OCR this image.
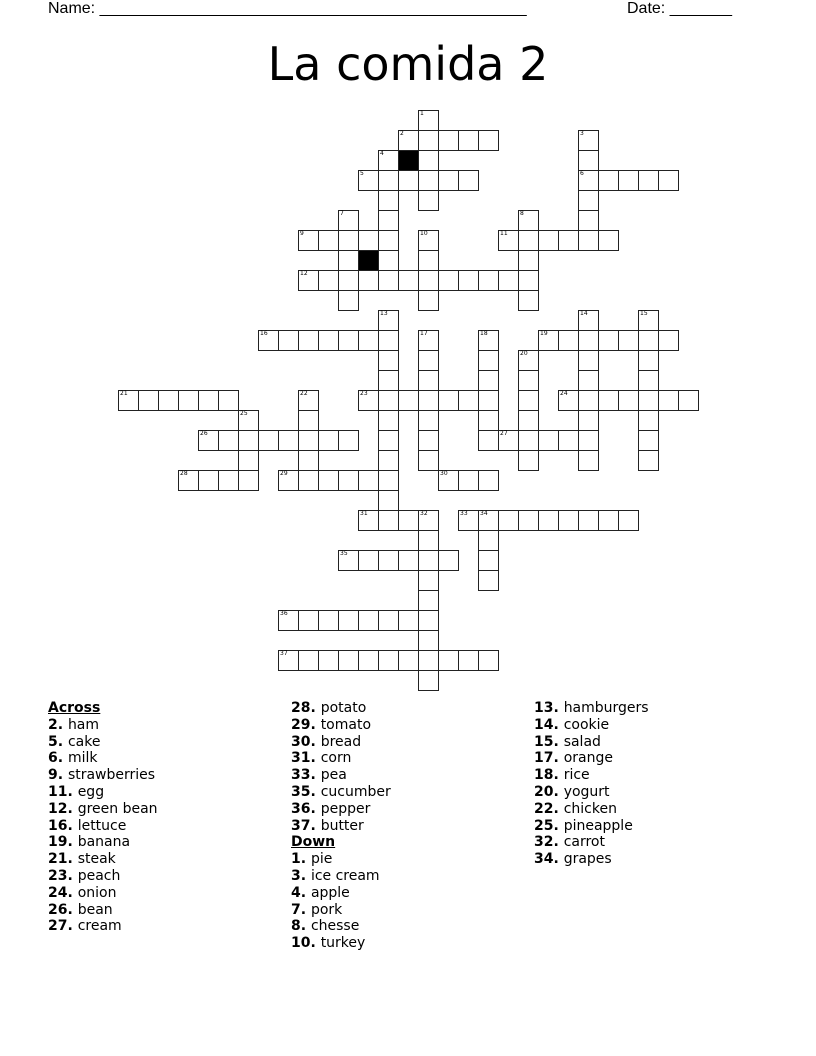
Name: ________________________________________________	Date: _______
La comida 2
1
2	3
6
4
5
7	8
9	10	11
12
13	14	15
16	17	18	19
20
21	22	23	24
25
26	27
28	29	30
31	32	33 34
35
36
37
Across
2. ham
5. cake
6. milk
9. strawberries
11. egg
12. green bean
16. lettuce
19. banana
21. steak
23. peach
24. onion
26. bean
27. cream
28. potato
29. tomato
30. bread
31. corn
33. pea
35. cucumber
36. pepper
37. butter
Down
1. pie
3. ice cream
4. apple
7. pork
8. chesse
10. turkey
13. hamburgers
14. cookie
15. salad
17. orange
18. rice
20. yogurt
22. chicken
25. pineapple
32. carrot
34. grapes
